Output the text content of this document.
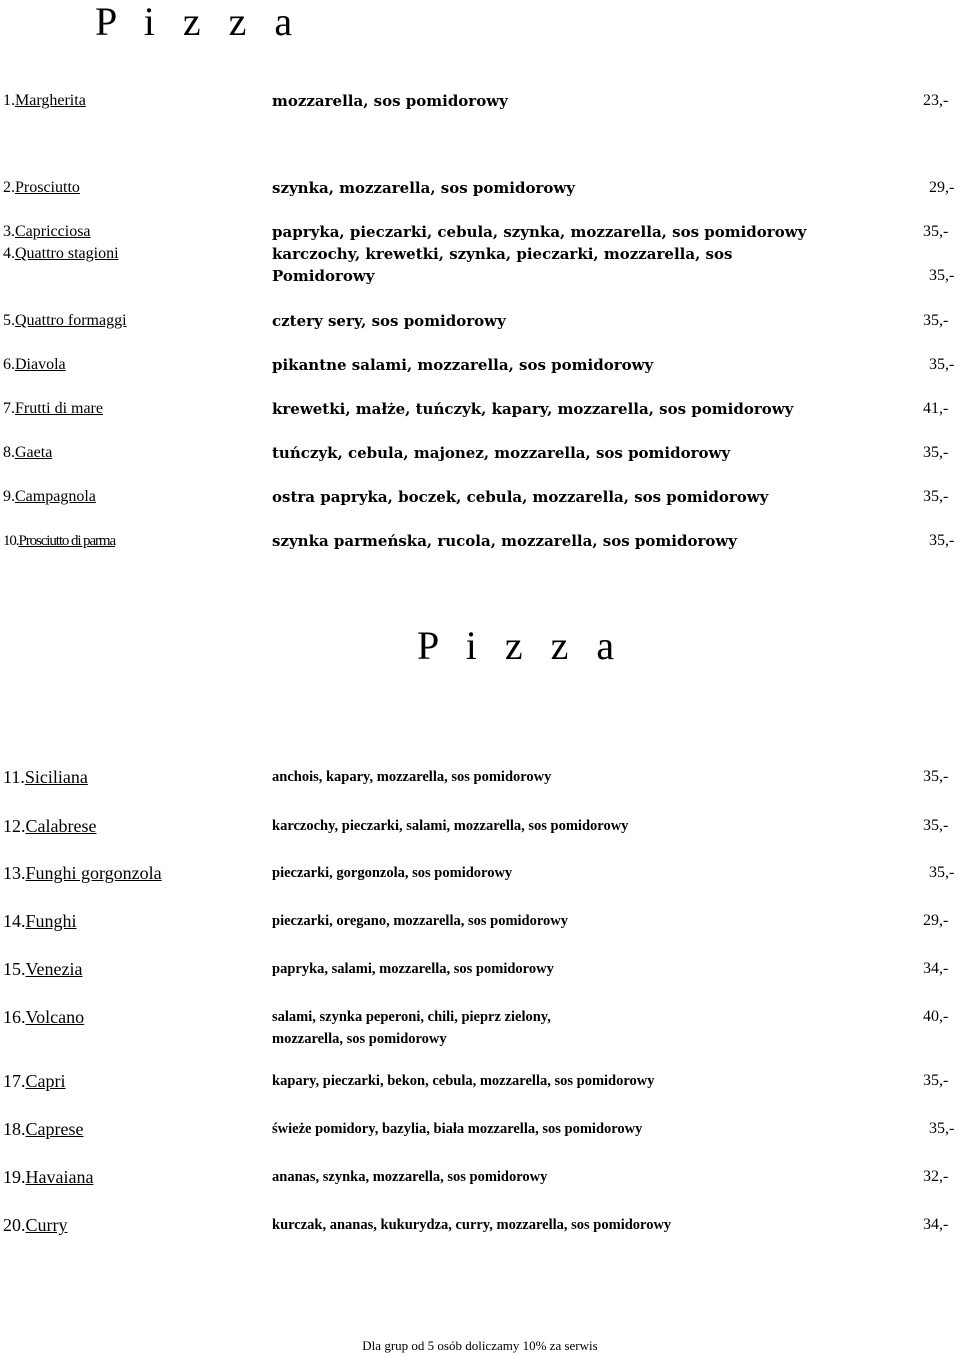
P i z z a
1.Margherita	mozzarella, sos pomidorowy	23,-
2.Prosciutto	szynka, mozzarella, sos pomidorowy	29,-
3.Capricciosa	papryka, pieczarki, cebula, szynka, mozzarella, sos pomidorowy	35,-
4.Quattro stagioni	karczochy, krewetki, szynka, pieczarki, mozzarella, sos
Pomidorowy	35,-
5.Quattro formaggi	cztery sery, sos pomidorowy	35,-
6.Diavola	pikantne salami, mozzarella, sos pomidorowy	35,-
7.Frutti di mare	krewetki, małże, tuńczyk, kapary, mozzarella, sos pomidorowy	41,-
8.Gaeta	tuńczyk, cebula, majonez, mozzarella, sos pomidorowy	35,-
9.Campagnola	ostra papryka, boczek, cebula, mozzarella, sos pomidorowy	35,-
10.Prosciutto di parma	szynka parmeńska, rucola, mozzarella, sos pomidorowy	35,-
P i z z a
11.Siciliana	anchois, kapary, mozzarella, sos pomidorowy	35,-
12.Calabrese	karczochy, pieczarki, salami, mozzarella, sos pomidorowy	35,-
13.Funghi gorgonzola	pieczarki, gorgonzola, sos pomidorowy	35,-
14.Funghi	pieczarki, oregano, mozzarella, sos pomidorowy	29,-
15.Venezia	papryka, salami, mozzarella, sos pomidorowy	34,-
16.Volcano	salami, szynka peperoni, chili, pieprz zielony,
mozzarella, sos pomidorowy
40,-
17.Capri	kapary, pieczarki, bekon, cebula, mozzarella, sos pomidorowy	35,-
18.Caprese	świeże pomidory, bazylia, biała mozzarella, sos pomidorowy	35,-
19.Havaiana	ananas, szynka, mozzarella, sos pomidorowy	32,-
20.Curry	kurczak, ananas, kukurydza, curry, mozzarella, sos pomidorowy	34,-

Dla grup od 5 osób doliczamy 10% za serwis
